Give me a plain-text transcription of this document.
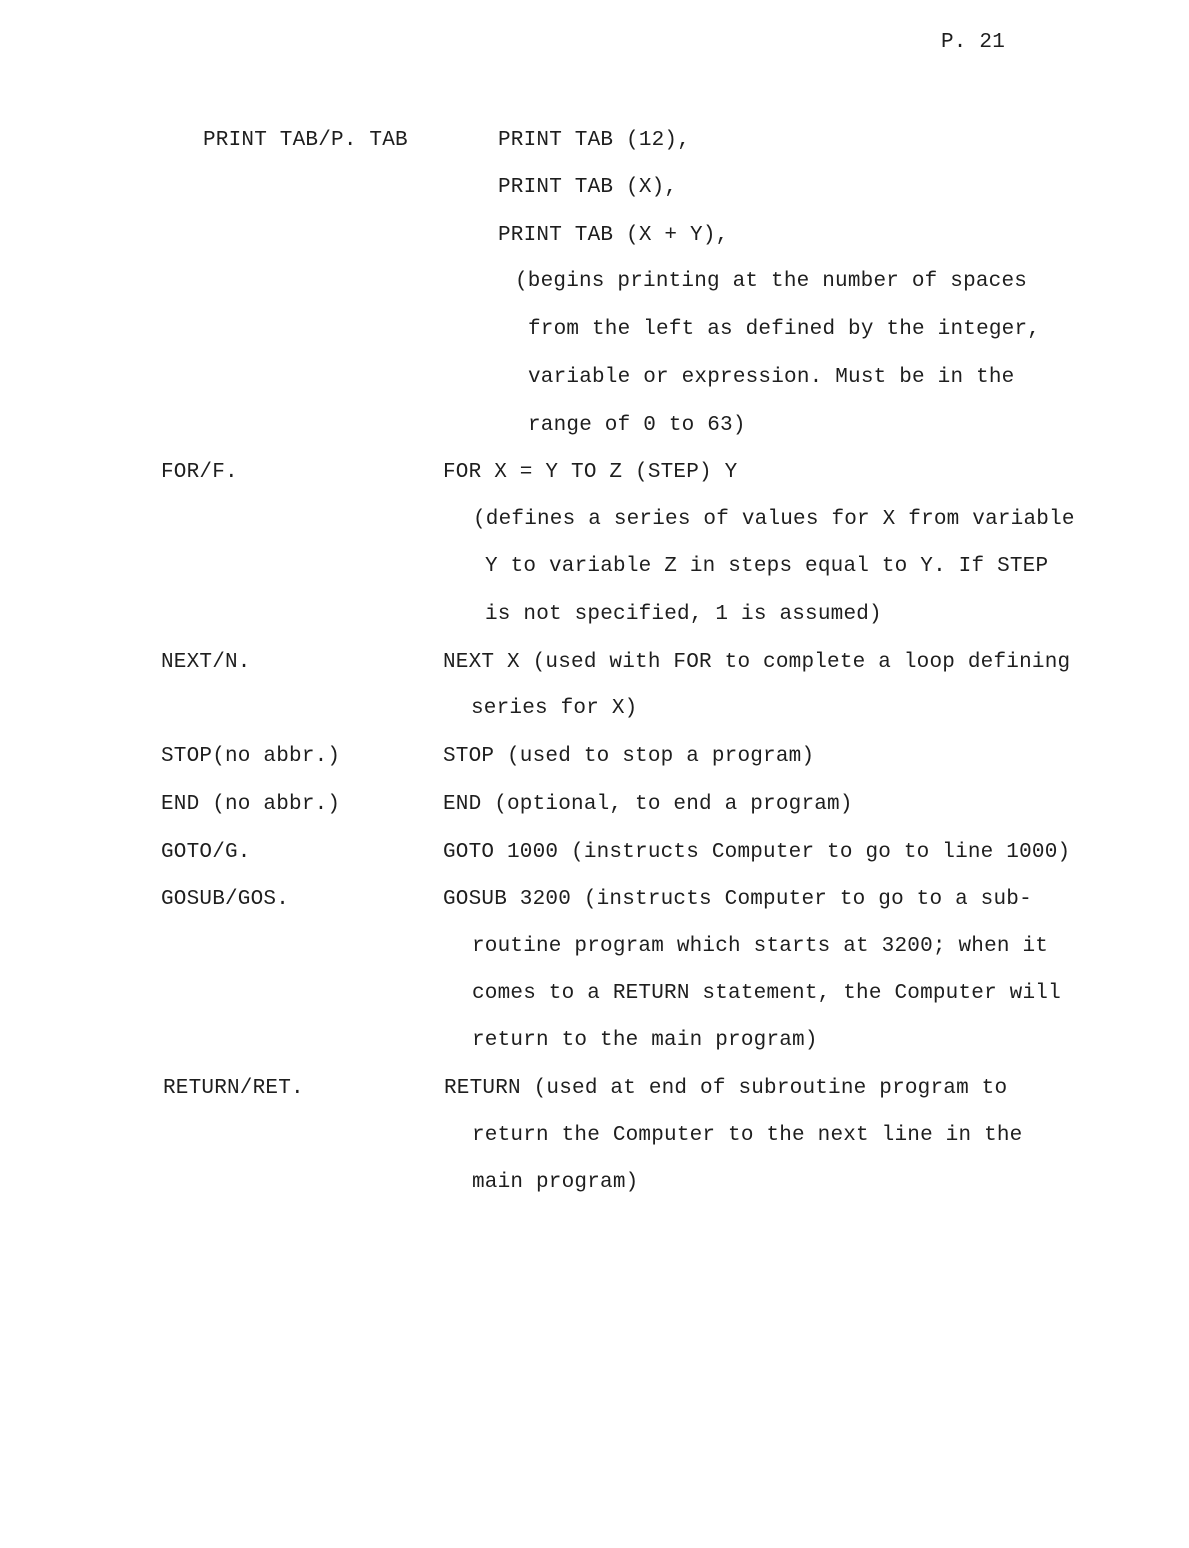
P. 21
PRINT TAB/P. TAB	PRINT TAB (12),
PRINT TAB (X),
PRINT TAB (X + Y),
(begins printing at the number of spaces
from the left as defined by the integer,
variable or expression. Must be in the
range of 0 to 63)
FOR/F.	FOR X = Y TO Z (STEP) Y
(defines a series of values for X from variable
Y to variable Z in steps equal to Y. If STEP
is not specified, 1 is assumed)
NEXT/N.	NEXT X (used with FOR to complete a loop defining
series for X)
STOP(no abbr.)	STOP (used to stop a program)
END (no abbr.)	END (optional, to end a program)
GOTO/G.	GOTO 1000 (instructs Computer to go to line 1000)
GOSUB/GOS.	GOSUB 3200 (instructs Computer to go to a sub-
routine program which starts at 3200; when it
comes to a RETURN statement, the Computer will
return to the main program)
RETURN/RET.	RETURN (used at end of subroutine program to
return the Computer to the next line in the
main program)
